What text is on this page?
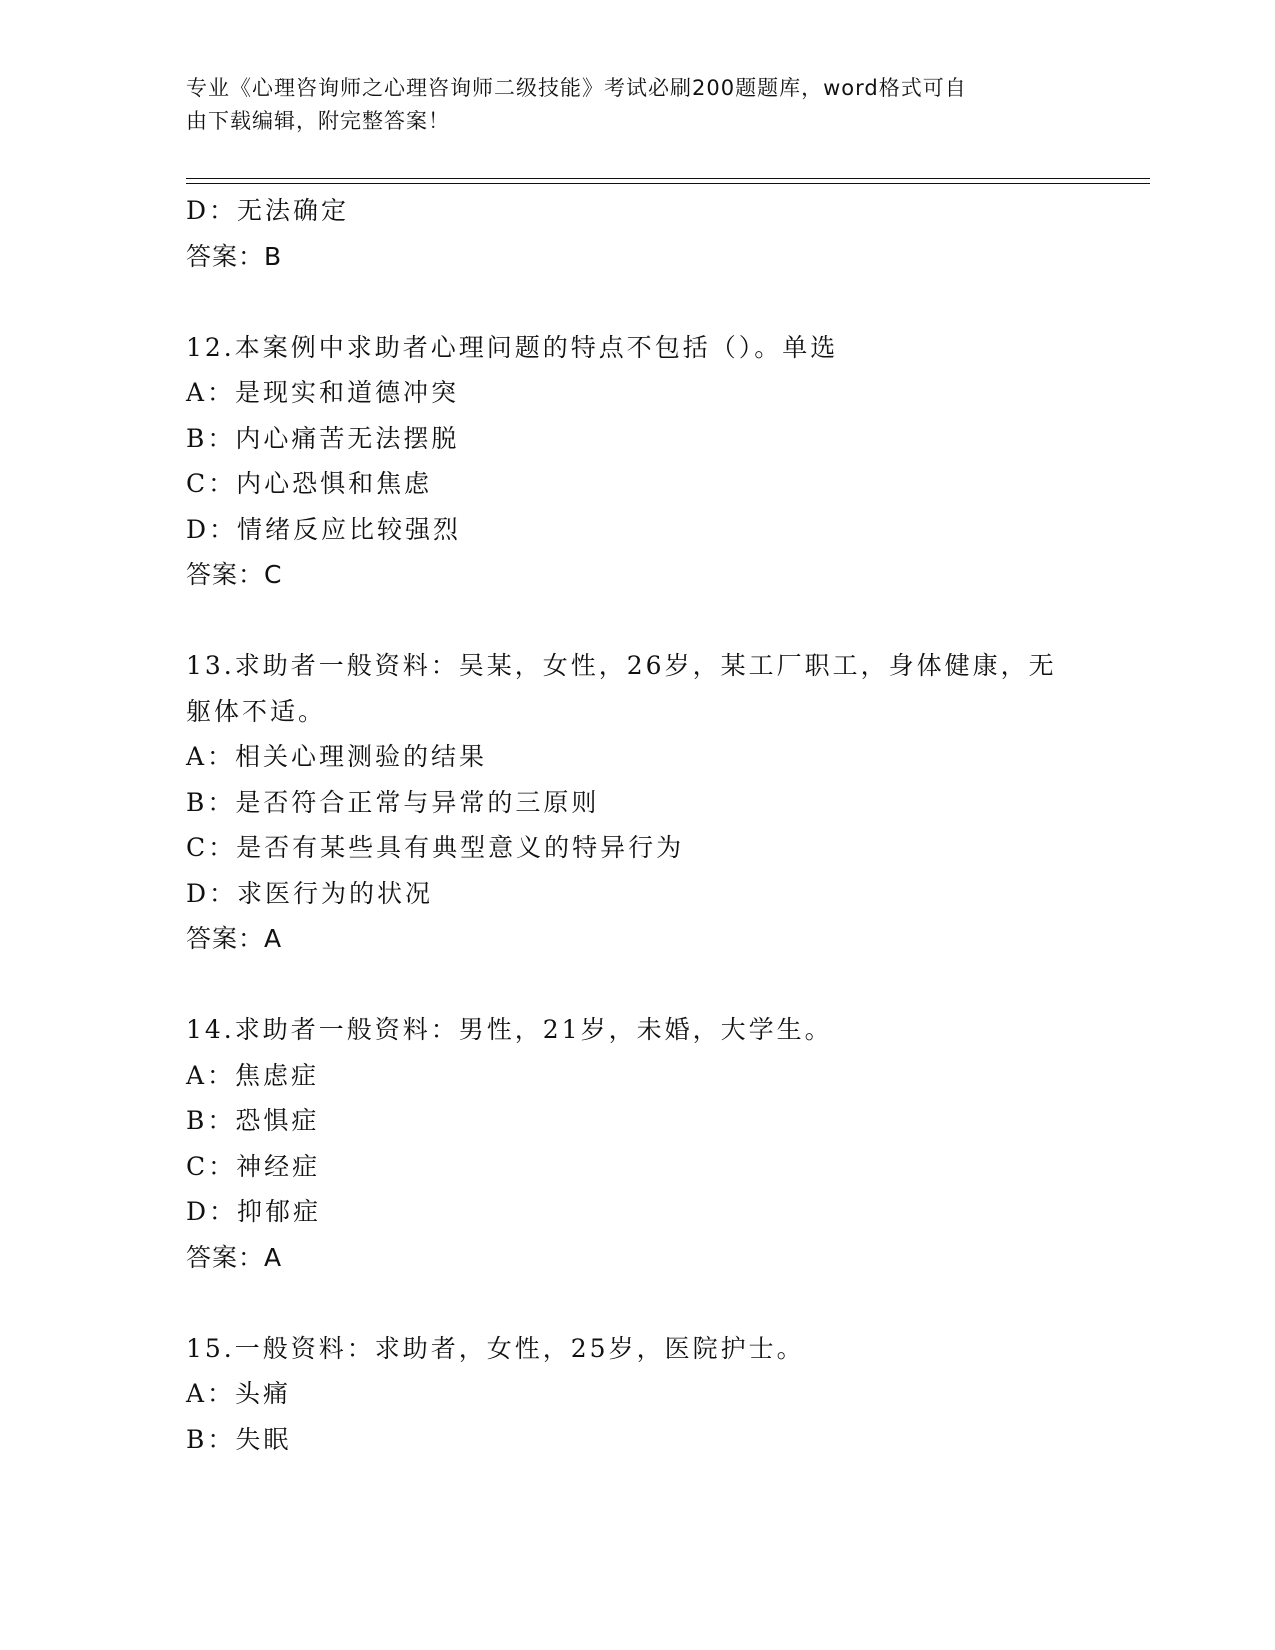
专业《心理咨询师之心理咨询师二级技能》考试必刷200题题库，word格式可自
由下载编辑，附完整答案！
D：无法确定
答案：B
12.本案例中求助者心理问题的特点不包括（）。单选
A：是现实和道德冲突
B：内心痛苦无法摆脱
C：内心恐惧和焦虑
D：情绪反应比较强烈
答案：C
13.求助者一般资料：吴某，女性，26岁，某工厂职工，身体健康，无
躯体不适。
A：相关心理测验的结果
B：是否符合正常与异常的三原则
C：是否有某些具有典型意义的特异行为
D：求医行为的状况
答案：A
14.求助者一般资料：男性，21岁，未婚，大学生。
A：焦虑症
B：恐惧症
C：神经症
D：抑郁症
答案：A
15.一般资料：求助者，女性，25岁，医院护士。
A：头痛
B：失眠
